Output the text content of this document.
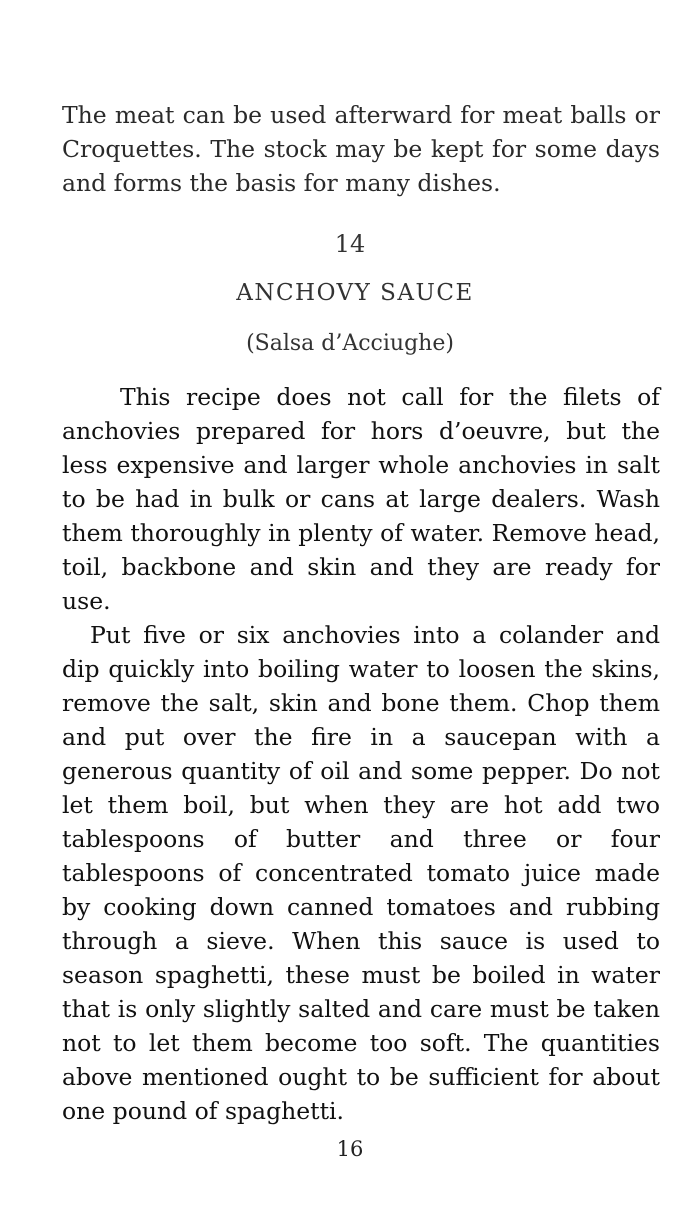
The meat can be used afterward for meat balls or Croquettes. The stock may be kept for some days and forms the basis for many dishes.

14
ANCHOVY SAUCE
(Salsa d’Acciughe)

This recipe does not call for the filets of anchovies prepared for hors d’oeuvre, but the less expensive and larger whole anchovies in salt to be had in bulk or cans at large dealers. Wash them thoroughly in plenty of water. Remove head, toil, backbone and skin and they are ready for use.

Put five or six anchovies into a colander and dip quickly into boiling water to loosen the skins, remove the salt, skin and bone them. Chop them and put over the fire in a saucepan with a generous quantity of oil and some pepper. Do not let them boil, but when they are hot add two tablespoons of butter and three or four tablespoons of concentrated tomato juice made by cooking down canned tomatoes and rubbing through a sieve. When this sauce is used to season spaghetti, these must be boiled in water that is only slightly salted and care must be taken not to let them become too soft. The quantities above mentioned ought to be sufficient for about one pound of spaghetti.

16
